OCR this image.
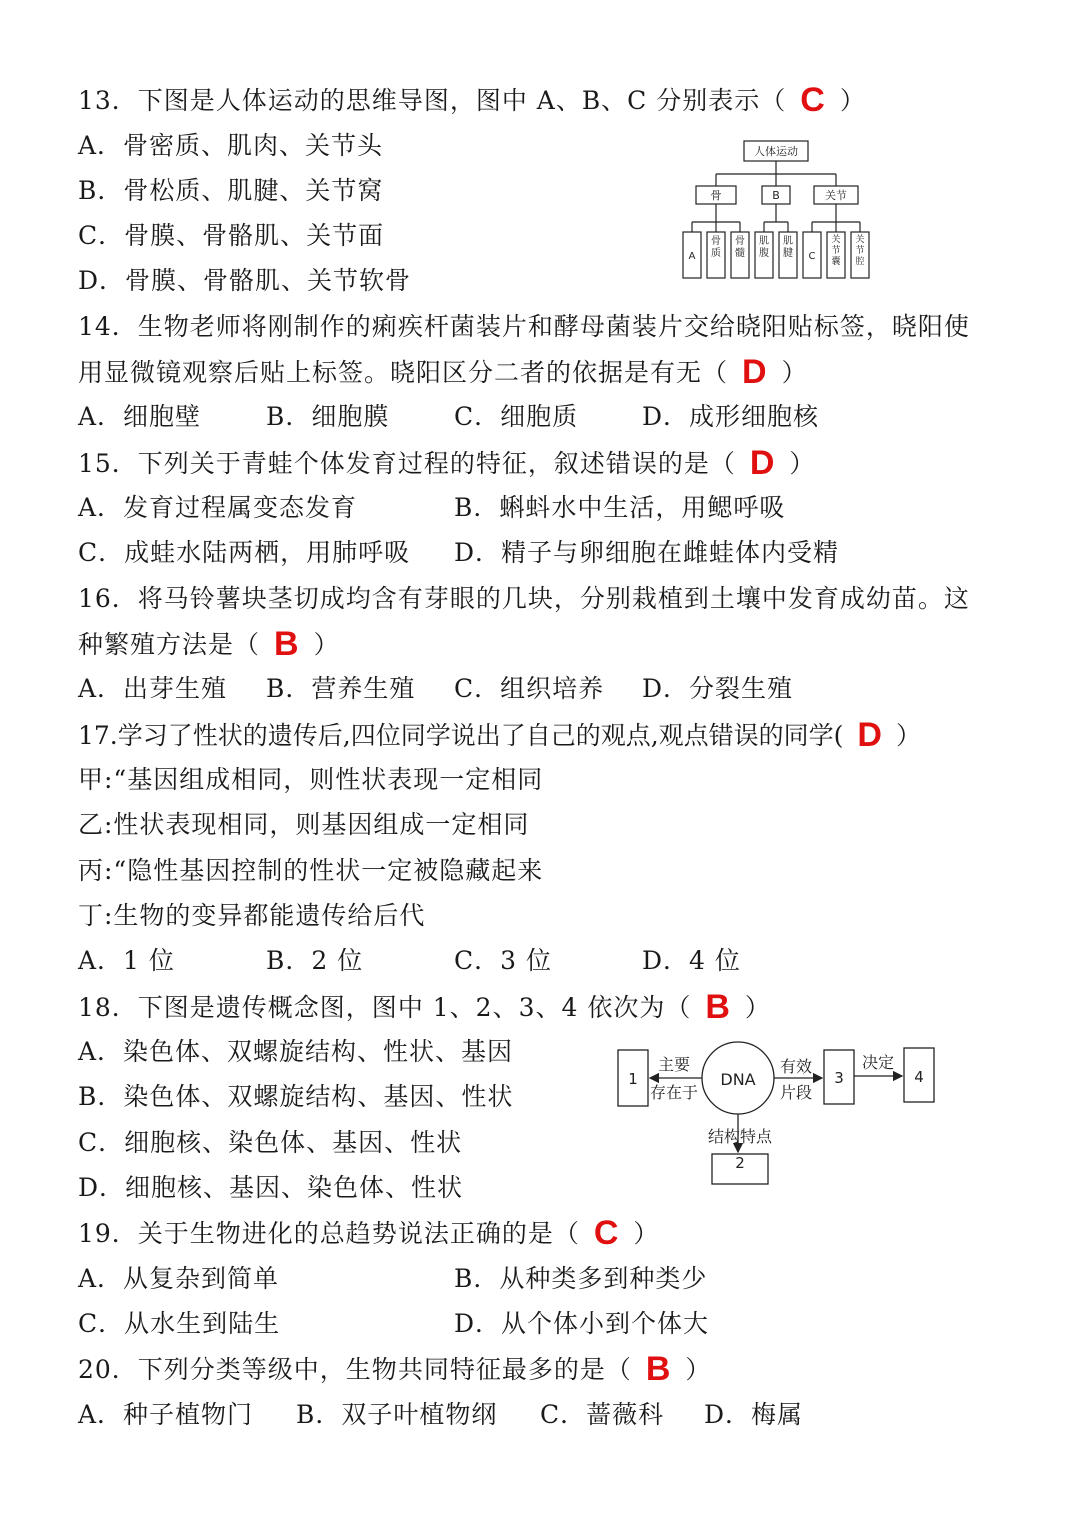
13．下图是人体运动的思维导图，图中 A、B、C 分别表示（ C ）
A．骨密质、肌肉、关节头
B．骨松质、肌腱、关节窝
C．骨膜、骨骼肌、关节面
D．骨膜、骨骼肌、关节软骨
人体运动
骨	B	关节
A
骨质
骨髓
肌腹
肌腱 C
关节囊
关节腔
14．生物老师将刚制作的痢疾杆菌装片和酵母菌装片交给晓阳贴标签，晓阳使
用显微镜观察后贴上标签。晓阳区分二者的依据是有无（ D ）
A．细胞壁	B．细胞膜	C．细胞质	D．成形细胞核
15．下列关于青蛙个体发育过程的特征，叙述错误的是（ D ）
A．发育过程属变态发育	B．蝌蚪水中生活，用鳃呼吸
C．成蛙水陆两栖，用肺呼吸 D．精子与卵细胞在雌蛙体内受精
16．将马铃薯块茎切成均含有芽眼的几块，分别栽植到土壤中发育成幼苗。这
种繁殖方法是（ B ）
A．出芽生殖 B．营养生殖 C．组织培养 D．分裂生殖
17.学习了性状的遗传后,四位同学说出了自己的观点,观点错误的同学( D ）
甲:“基因组成相同，则性状表现一定相同
乙:性状表现相同，则基因组成一定相同
丙:“隐性基因控制的性状一定被隐藏起来
丁:生物的变异都能遗传给后代
A．1 位	B．2 位	C．3 位	D．4 位
18．下图是遗传概念图，图中 1、2、3、4 依次为（ B ）
A．染色体、双螺旋结构、性状、基因
B．染色体、双螺旋结构、基因、性状
C．细胞核、染色体、基因、性状
D．细胞核、基因、染色体、性状
1
2
3	4
DNA
主要
存在于
有效
片段
决定
结构特点
19．关于生物进化的总趋势说法正确的是（ C ）
A．从复杂到简单	B．从种类多到种类少
C．从水生到陆生	D．从个体小到个体大
20．下列分类等级中，生物共同特征最多的是（ B ）
A．种子植物门 B．双子叶植物纲 C．蔷薇科 D．梅属
